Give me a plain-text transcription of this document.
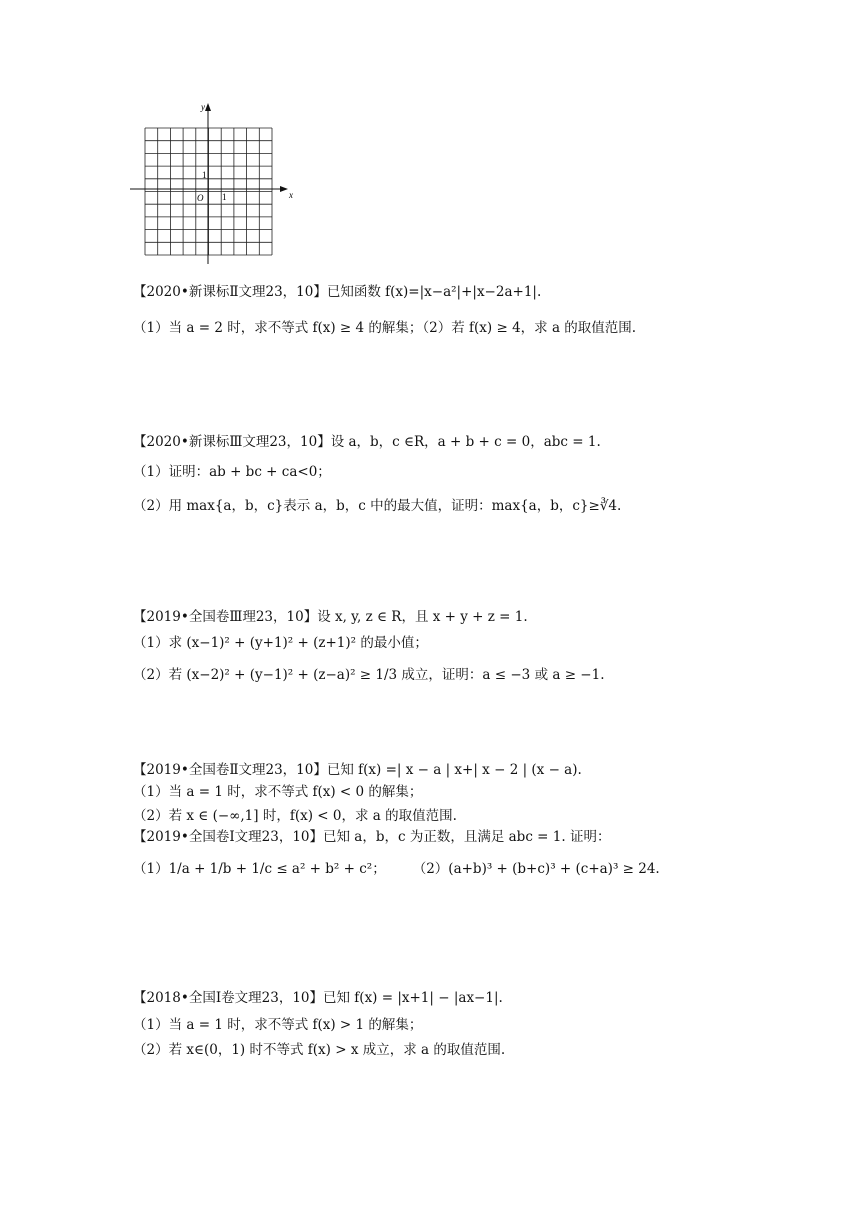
y
x
O 1
1
【2020•新课标Ⅱ文理23，10】已知函数 f(x)=|x−a²|+|x−2a+1|.
（1）当 a = 2 时，求不等式 f(x) ≥ 4 的解集；（2）若 f(x) ≥ 4，求 a 的取值范围.
【2020•新课标Ⅲ文理23，10】设 a，b，c ∈R，a + b + c = 0，abc = 1.
（1）证明：ab + bc + ca<0；
（2）用 max{a，b，c}表示 a，b，c 中的最大值，证明：max{a，b，c}≥∛4.
【2019•全国卷Ⅲ理23，10】设 x, y, z ∈ R，且 x + y + z = 1.
（1）求 (x−1)² + (y+1)² + (z+1)² 的最小值；
（2）若 (x−2)² + (y−1)² + (z−a)² ≥ 1/3 成立，证明：a ≤ −3 或 a ≥ −1.
【2019•全国卷Ⅱ文理23，10】已知 f(x) =| x − a | x+| x − 2 | (x − a).
（1）当 a = 1 时，求不等式 f(x) < 0 的解集；
（2）若 x ∈ (−∞,1] 时，f(x) < 0，求 a 的取值范围.
【2019•全国卷Ⅰ文理23，10】已知 a，b，c 为正数，且满足 abc = 1. 证明：
（1）1/a + 1/b + 1/c ≤ a² + b² + c²；　　　（2）(a+b)³ + (b+c)³ + (c+a)³ ≥ 24.
【2018•全国Ⅰ卷文理23，10】已知 f(x) = |x+1| − |ax−1|.
（1）当 a = 1 时，求不等式 f(x) > 1 的解集；
（2）若 x∈(0，1) 时不等式 f(x) > x 成立，求 a 的取值范围.
